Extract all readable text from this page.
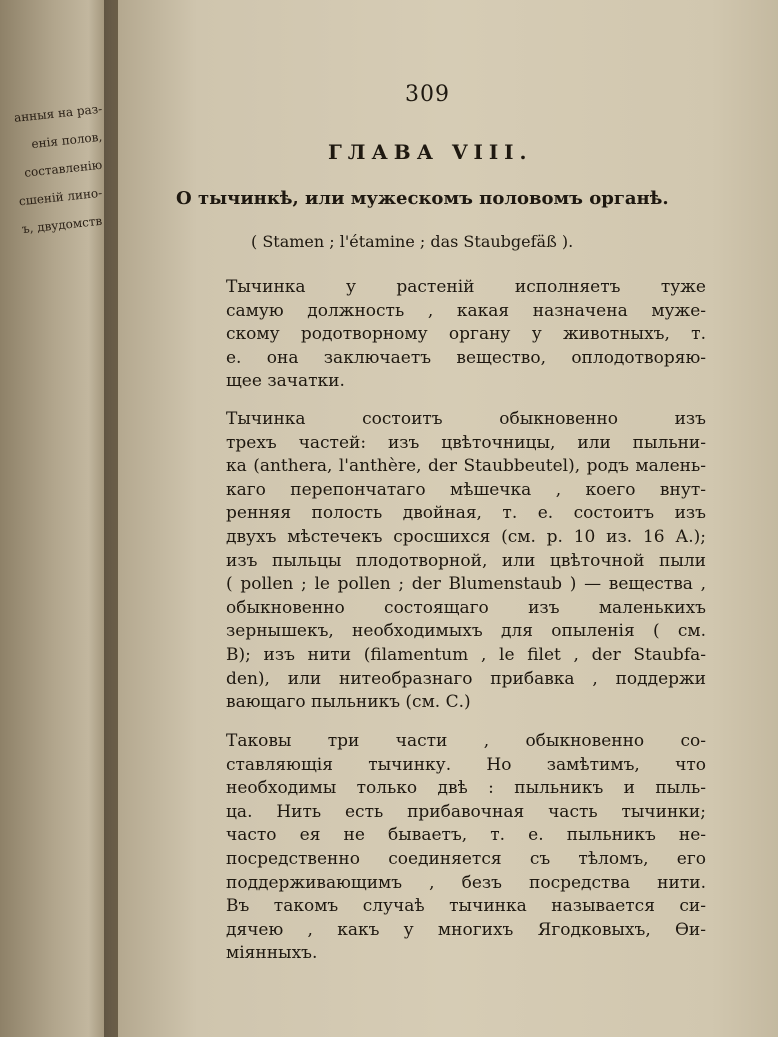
анныя на раз-
енія полов,
составленію
сшеній лино-
ъ, двудомств
309
ГЛАВА VIII.
О тычинкѣ, или мужескомъ половомъ органѣ.
( Stamen ; l'étamine ; das Staubgefäß ).
Тычинка у растеній исполняетъ туже
самую должность , какая назначена муже-
скому родотворному органу у животныхъ, т.
е. она заключаетъ вещество, оплодотворяю-
щее зачатки.
Тычинка состоитъ обыкновенно изъ
трехъ частей: изъ цвѣточницы, или пыльни-
ка (anthera, l'anthère, der Staubbeutel), родъ малень-
каго перепончатаго мѣшечка , коего внут-
ренняя полость двойная, т. е. состоитъ изъ
двухъ мѣстечекъ сросшихся (см. р. 10 из. 16 А.);
изъ пыльцы плодотворной, или цвѣточной пыли
( pollen ; le pollen ; der Blumenstaub ) — вещества ,
обыкновенно состоящаго изъ маленькихъ
зернышекъ, необходимыхъ для опыленія ( см.
B); изъ нити (filamentum , le filet , der Staubfa-
den), или нитеобразнаго прибавка , поддержи
вающаго пыльникъ (см. С.)
Таковы три части , обыкновенно со-
ставляющія тычинку. Но замѣтимъ, что
необходимы только двѣ : пыльникъ и пыль-
ца. Нить есть прибавочная часть тычинки;
часто ея не бываетъ, т. е. пыльникъ не-
посредственно соединяется съ тѣломъ, его
поддерживающимъ , безъ посредства нити.
Въ такомъ случаѣ тычинка называется си-
дячею , какъ у многихъ Ягодковыхъ, Ѳи-
міянныхъ.
